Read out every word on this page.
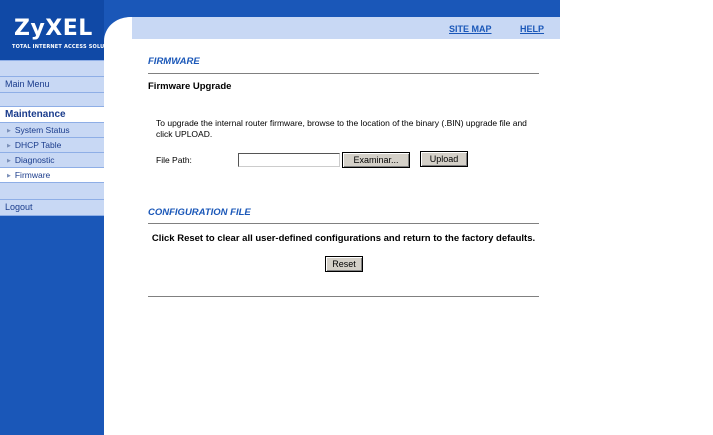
ZyXEL
TOTAL INTERNET ACCESS SOLUTION
Main Menu
Maintenance
▶ System Status
▶ DHCP Table
▶ Diagnostic
▶ Firmware
Logout
SITE MAP	HELP
FIRMWARE
Firmware Upgrade
To upgrade the internal router firmware, browse to the location of the binary (.BIN) upgrade file and click UPLOAD.
File Path:	Examinar...	Upload
CONFIGURATION FILE
Click Reset to clear all user-defined configurations and return to the factory defaults.
Reset
